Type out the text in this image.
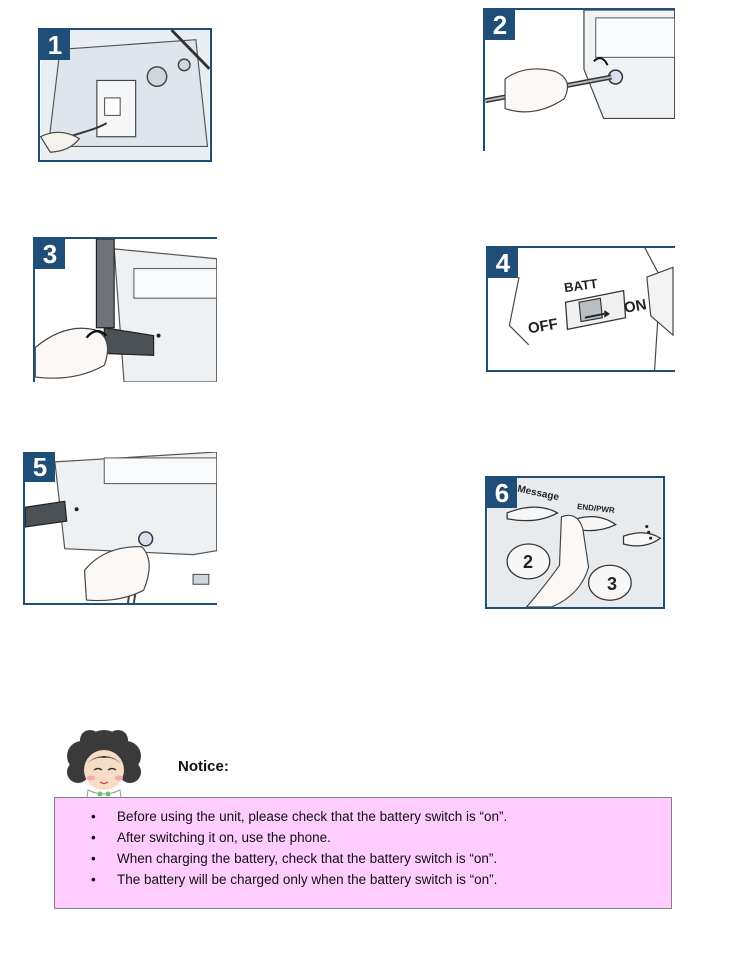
1
2
3	4
BATT
OFF
ON
5
6 Message
END/PWR
2
3
Notice:
• Before using the unit, please check that the battery switch is “on”.
• After switching it on, use the phone.
• When charging the battery, check that the battery switch is “on”.
• The battery will be charged only when the battery switch is “on”.
